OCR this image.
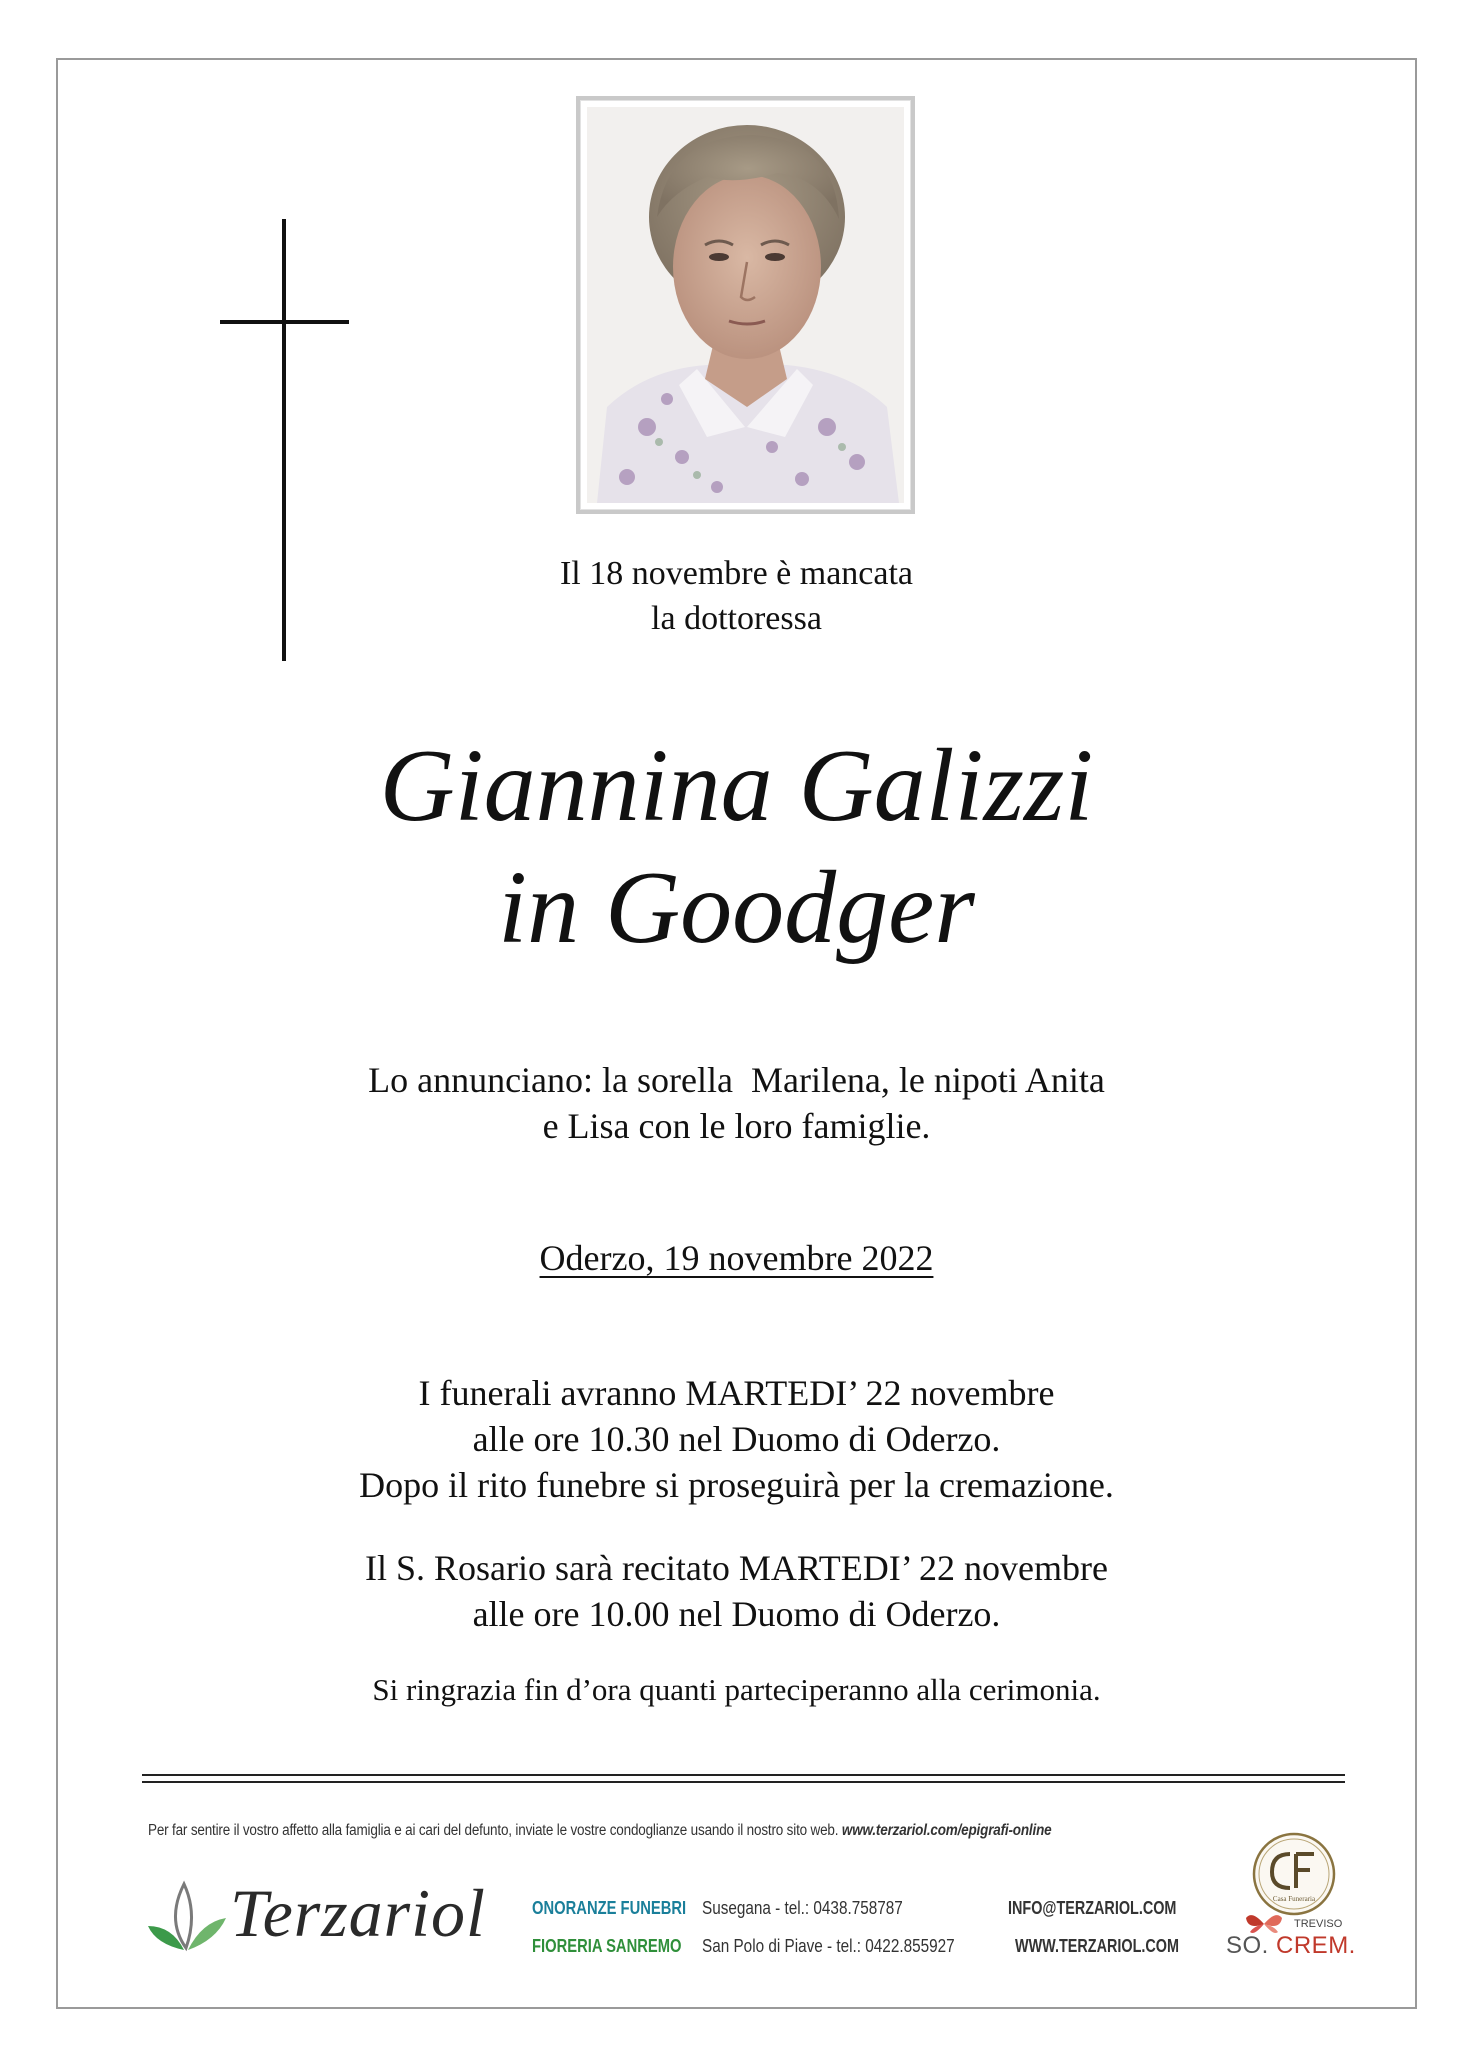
Il 18 novembre è mancata
la dottoressa
Giannina Galizzi
in Goodger
Lo annunciano: la sorella  Marilena, le nipoti Anita
e Lisa con le loro famiglie.
Oderzo, 19 novembre 2022
I funerali avranno MARTEDI’ 22 novembre
alle ore 10.30 nel Duomo di Oderzo.
Dopo il rito funebre si proseguirà per la cremazione.
Il S. Rosario sarà recitato MARTEDI’ 22 novembre
alle ore 10.00 nel Duomo di Oderzo.
Si ringrazia fin d’ora quanti parteciperanno alla cerimonia.
Per far sentire il vostro affetto alla famiglia e ai cari del defunto, inviate le vostre condoglianze usando il nostro sito web. www.terzariol.com/epigrafi-online
Terzariol	ONORANZE FUNEBRI
FIORERIA SANREMO
Susegana - tel.: 0438.758787
San Polo di Piave - tel.: 0422.855927
INFO@TERZARIOL.COM
WWW.TERZARIOL.COM
Casa Funeraria
TREVISO
SO. CREM.
